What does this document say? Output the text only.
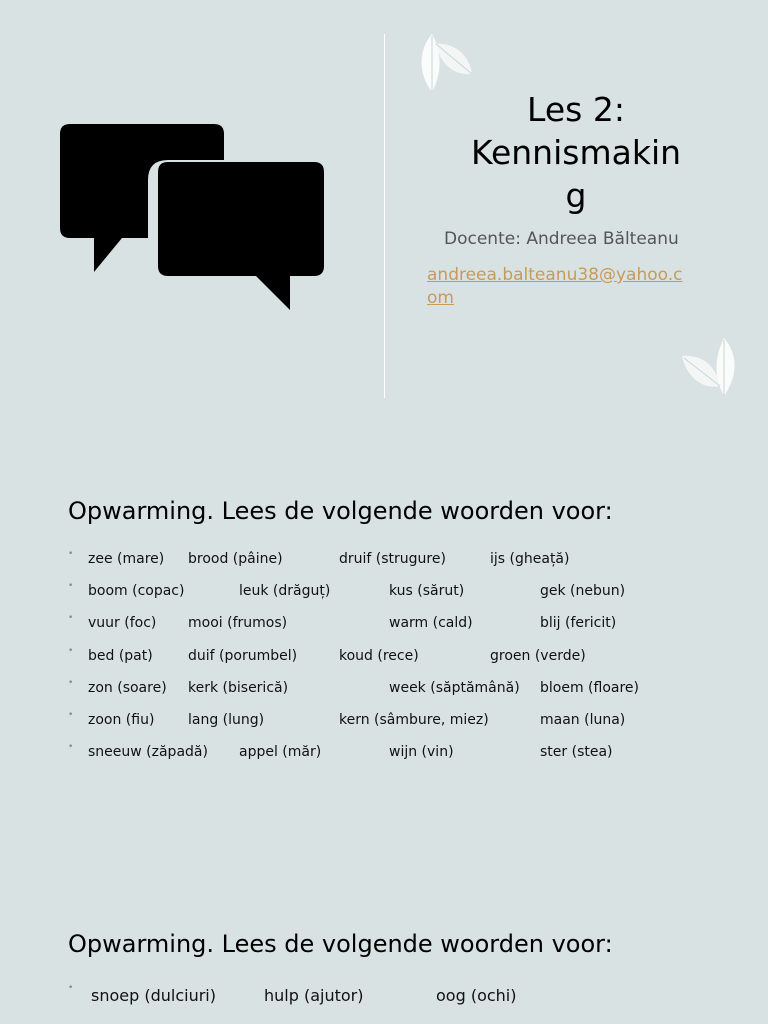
Les 2:
Kennismakin
g
Docente: Andreea Bălteanu
andreea.balteanu38@yahoo.c
om
Opwarming. Lees de volgende woorden voor:
• zee (mare) brood (pâine)	druif (strugure)	ijs (gheață)
• boom (copac)	leuk (drăguț)	kus (sărut)	gek (nebun)
• vuur (foc) mooi (frumos)	warm (cald)	blij (fericit)
• bed (pat)	duif (porumbel)	koud (rece)	groen (verde)
• zon (soare) kerk (biserică)	week (săptămână) bloem (floare)
• zoon (fiu) lang (lung)	kern (sâmbure, miez)	maan (luna)
• sneeuw (zăpadă) appel (măr)	wijn (vin)	ster (stea)
Opwarming. Lees de volgende woorden voor:
• snoep (dulciuri)	hulp (ajutor)	oog (ochi)
